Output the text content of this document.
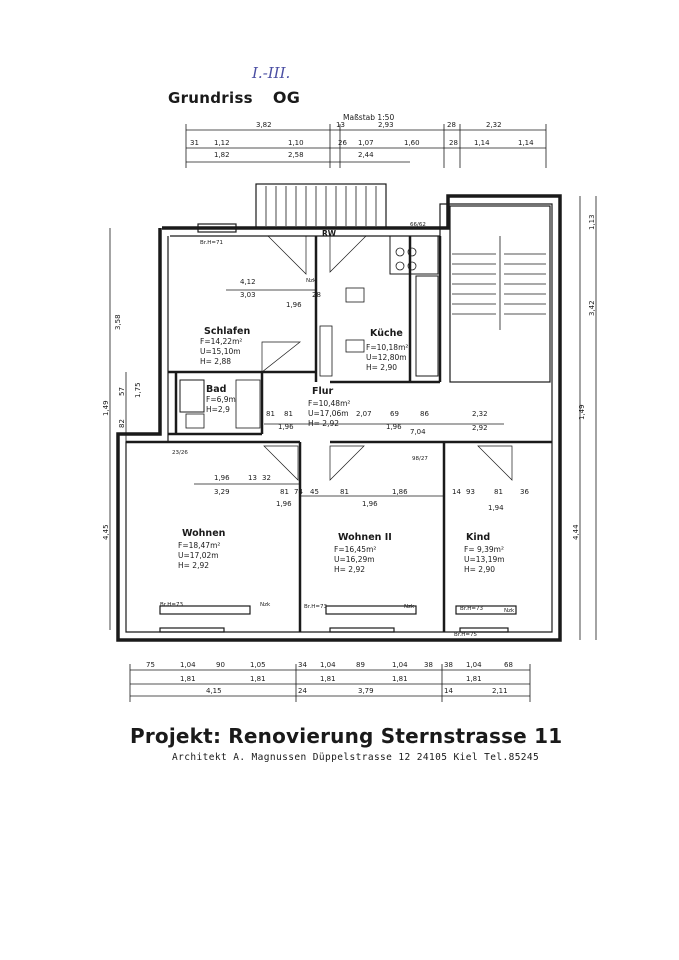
I.-III.
Grundriss OG
Maßstab 1:50
3,82	13	2,93	28	2,32
31 1,12	1,10	26 1,07	1,60	28 1,14	1,14
1,82	2,58	2,44
75	1,04	90	1,05	34 1,04	89	1,04 38 38 1,04	68
1,81	1,81	1,81	1,81	1,81
4,15	24	3,79	14	2,11
3,58
1,49
57
82
1,75
4,45
1,13
3,42
1,49
4,44
4,12
3,03
1,96
28
81 81
1,96
2,07	69	86	2,32
1,96
7,04	2,92
1,96	13 32
3,29	81 74 45	81	1,86	14 93	81 36
1,96	1,96	1,94
RW
Nzk
66/62
Br.H=71
Br.H=73	Br.H=73	Br.H=73
Br.H=75
23/26
98/27
Nzk	Nzk
Nzk
Schlafen
F=14,22m²
U=15,10m
H= 2,88
Küche
F=10,18m²
U=12,80m
H= 2,90
Bad
F=6,9m
H=2,9
Flur
F=10,48m²
U=17,06m
H= 2,92
Wohnen
F=18,47m²
U=17,02m
H= 2,92
Wohnen II
F=16,45m²
U=16,29m
H= 2,92
Kind
F= 9,39m²
U=13,19m
H= 2,90
Projekt: Renovierung Sternstrasse 11
Architekt A. Magnussen Düppelstrasse 12 24105 Kiel Tel.85245
